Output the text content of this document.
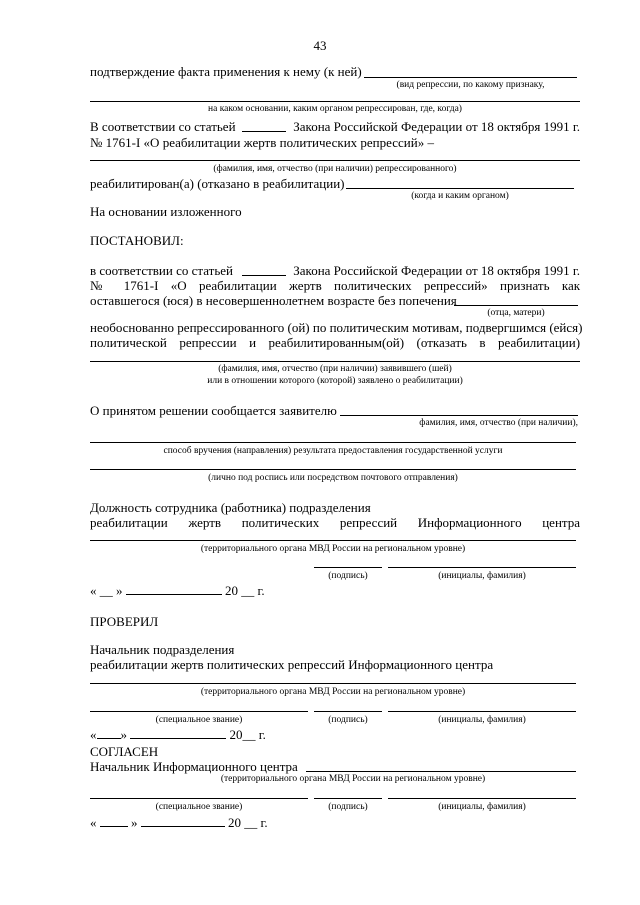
43
подтверждение факта применения к нему (к ней)
(вид репрессии, по какому признаку,
на каком основании, каким органом репрессирован, где, когда)
В соответствии со статьей	Закона Российской Федерации от 18 октября 1991 г.
№ 1761-I «О реабилитации жертв политических репрессий» –
(фамилия, имя, отчество (при наличии) репрессированного)
реабилитирован(а) (отказано в реабилитации)
(когда и каким органом)
На основании изложенного
ПОСТАНОВИЛ:
в соответствии со статьей	Закона Российской Федерации от 18 октября 1991 г.
№ 1761-I «О реабилитации жертв политических репрессий» признать как
оставшегося (юся) в несовершеннолетнем возрасте без попечения
(отца, матери)
необоснованно репрессированного (ой) по политическим мотивам, подвергшимся (ейся)
политической репрессии и реабилитированным(ой) (отказать в реабилитации)
(фамилия, имя, отчество (при наличии) заявившего (шей)
или в отношении которого (которой) заявлено о реабилитации)
О принятом решении сообщается заявителю
фамилия, имя, отчество (при наличии),
способ вручения (направления) результата предоставления государственной услуги
(лично под роспись или посредством почтового отправления)
Должность сотрудника (работника) подразделения
реабилитации жертв политических репрессий Информационного центра
(территориального органа МВД России на региональном уровне)
(подпись)	(инициалы, фамилия)
« __ »	20 __ г.
ПРОВЕРИЛ
Начальник подразделения
реабилитации жертв политических репрессий Информационного центра
(территориального органа МВД России на региональном уровне)
(специальное звание)	(подпись)	(инициалы, фамилия)
« »	20__ г.
СОГЛАСЕН
Начальник Информационного центра
(территориального органа МВД России на региональном уровне)
(специальное звание)	(подпись)	(инициалы, фамилия)
«	»	20 __ г.
